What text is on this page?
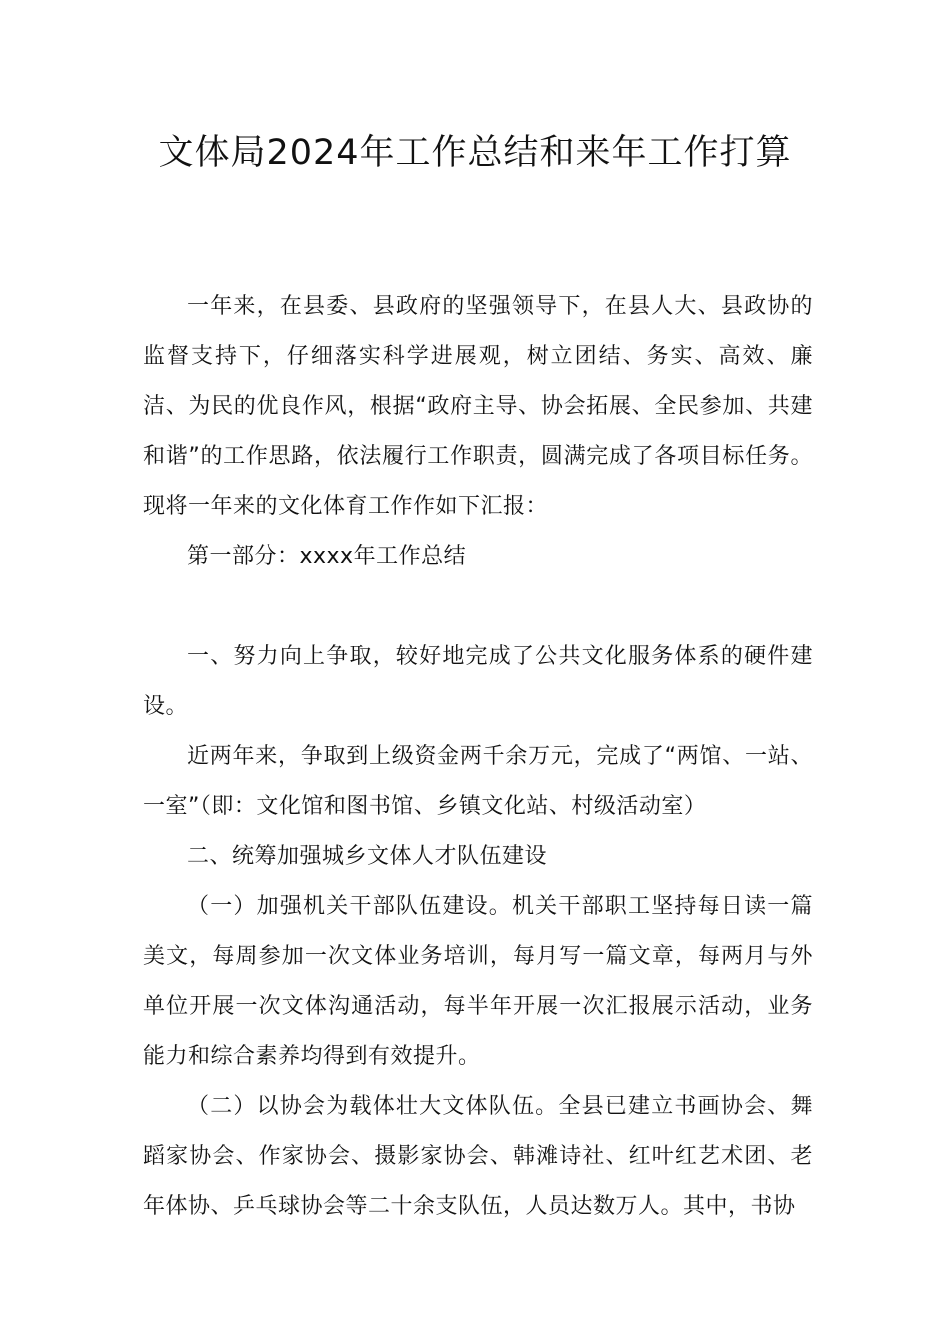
文体局2024年工作总结和来年工作打算

一年来，在县委、县政府的坚强领导下，在县人大、县政协的监督支持下，仔细落实科学进展观，树立团结、务实、高效、廉洁、为民的优良作风，根据“政府主导、协会拓展、全民参加、共建和谐”的工作思路，依法履行工作职责，圆满完成了各项目标任务。现将一年来的文化体育工作作如下汇报：

第一部分：xxxx年工作总结

一、努力向上争取，较好地完成了公共文化服务体系的硬件建设。

近两年来，争取到上级资金两千余万元，完成了“两馆、一站、一室”（即：文化馆和图书馆、乡镇文化站、村级活动室）

二、统筹加强城乡文体人才队伍建设

（一）加强机关干部队伍建设。机关干部职工坚持每日读一篇美文，每周参加一次文体业务培训，每月写一篇文章，每两月与外单位开展一次文体沟通活动，每半年开展一次汇报展示活动，业务能力和综合素养均得到有效提升。

（二）以协会为载体壮大文体队伍。全县已建立书画协会、舞蹈家协会、作家协会、摄影家协会、韩滩诗社、红叶红艺术团、老年体协、乒乓球协会等二十余支队伍，人员达数万人。其中，书协
